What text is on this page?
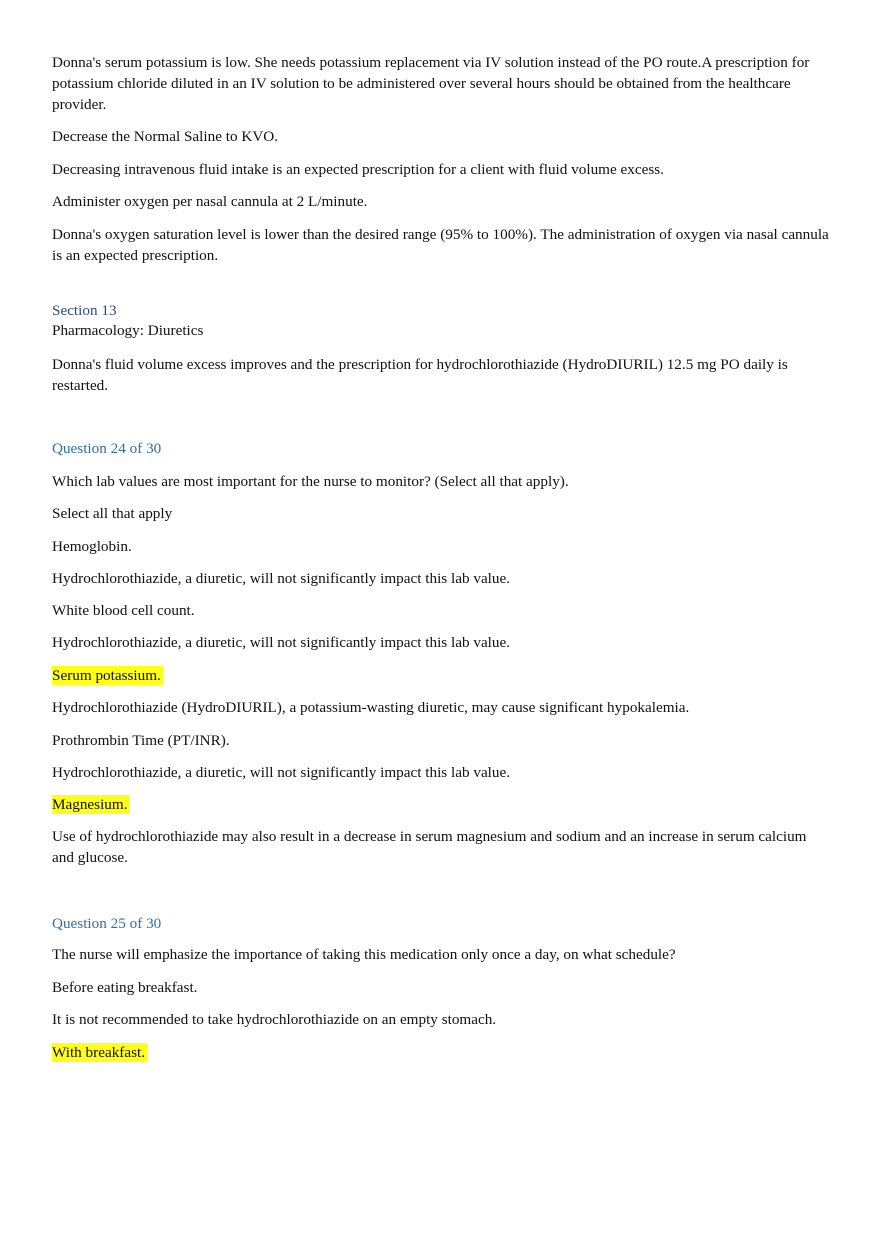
Donna's serum potassium is low. She needs potassium replacement via IV solution instead of the PO route.A prescription for potassium chloride diluted in an IV solution to be administered over several hours should be obtained from the healthcare provider.

Decrease the Normal Saline to KVO.

Decreasing intravenous fluid intake is an expected prescription for a client with fluid volume excess.

Administer oxygen per nasal cannula at 2 L/minute.

Donna's oxygen saturation level is lower than the desired range (95% to 100%). The administration of oxygen via nasal cannula is an expected prescription.

Section 13

Pharmacology: Diuretics

Donna's fluid volume excess improves and the prescription for hydrochlorothiazide (HydroDIURIL) 12.5 mg PO daily is restarted.

Question 24 of 30

Which lab values are most important for the nurse to monitor? (Select all that apply).

Select all that apply

Hemoglobin.

Hydrochlorothiazide, a diuretic, will not significantly impact this lab value.

White blood cell count.

Hydrochlorothiazide, a diuretic, will not significantly impact this lab value.

Serum potassium.

Hydrochlorothiazide (HydroDIURIL), a potassium-wasting diuretic, may cause significant hypokalemia.

Prothrombin Time (PT/INR).

Hydrochlorothiazide, a diuretic, will not significantly impact this lab value.

Magnesium.

Use of hydrochlorothiazide may also result in a decrease in serum magnesium and sodium and an increase in serum calcium and glucose.

Question 25 of 30

The nurse will emphasize the importance of taking this medication only once a day, on what schedule?

Before eating breakfast.

It is not recommended to take hydrochlorothiazide on an empty stomach.

With breakfast.
